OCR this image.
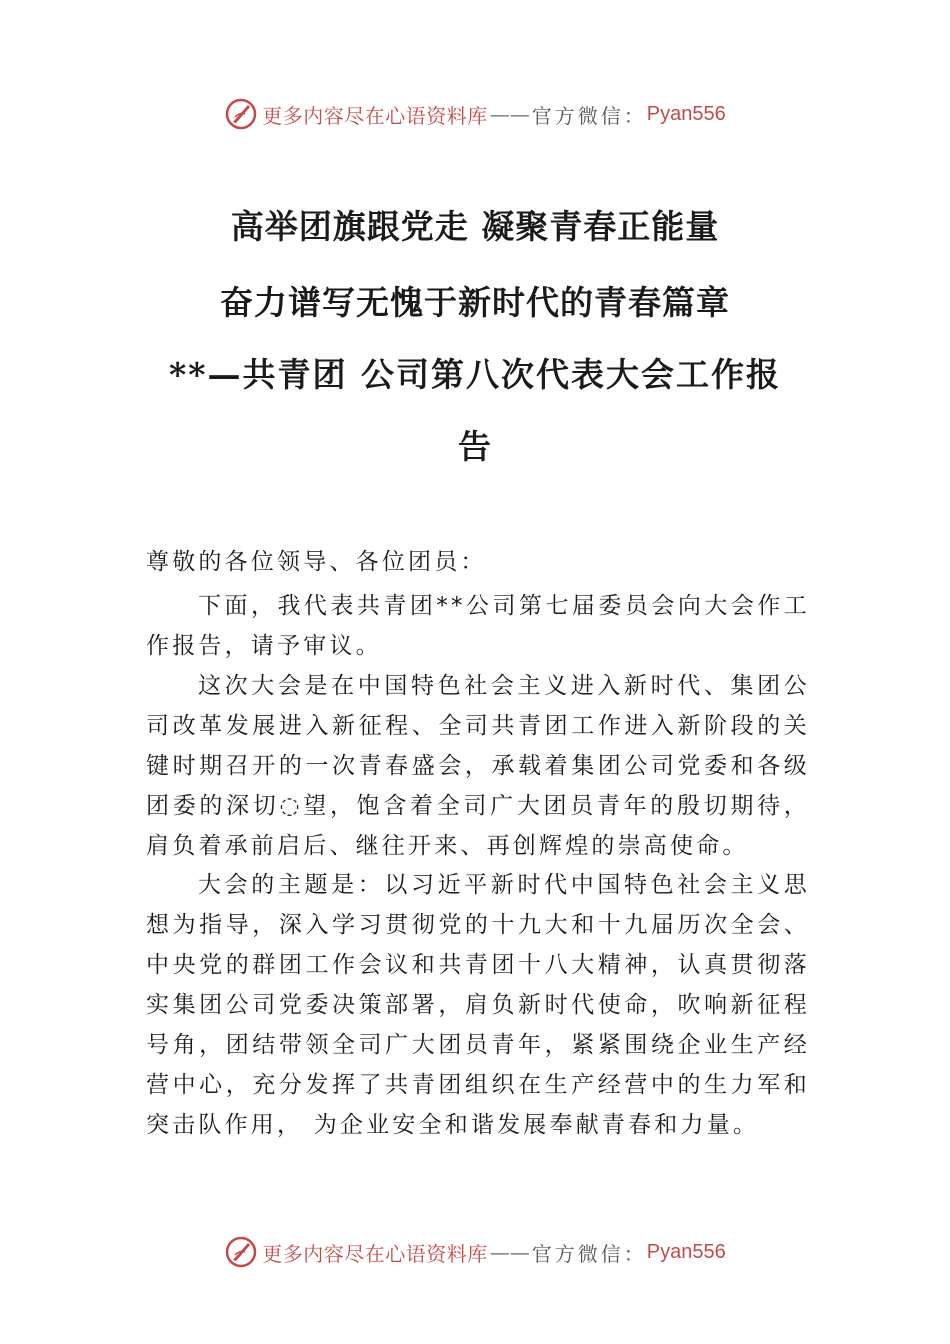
更多内容尽在心语资料库 —— 官方微信： Pyan556
高举团旗跟党走 凝聚青春正能量
奋力谱写无愧于新时代的青春篇章
**—共青团 公司第八次代表大会工作报
告
尊敬的各位领导、各位团员：
下面，我代表共青团**公司第七届委员会向大会作工作报告，请予审议。
这次大会是在中国特色社会主义进入新时代、集团公司改革发展进入新征程、全司共青团工作进入新阶段的关键时期召开的一次青春盛会，承载着集团公司党委和各级团委的深切◌望，饱含着全司广大团员青年的殷切期待，肩负着承前启后、继往开来、再创辉煌的崇高使命。
大会的主题是：以习近平新时代中国特色社会主义思想为指导，深入学习贯彻党的十九大和十九届历次全会、中央党的群团工作会议和共青团十八大精神，认真贯彻落实集团公司党委决策部署，肩负新时代使命，吹响新征程号角，团结带领全司广大团员青年，紧紧围绕企业生产经营中心，充分发挥了共青团组织在生产经营中的生力军和突击队作用， 为企业安全和谐发展奉献青春和力量。
更多内容尽在心语资料库 —— 官方微信： Pyan556
